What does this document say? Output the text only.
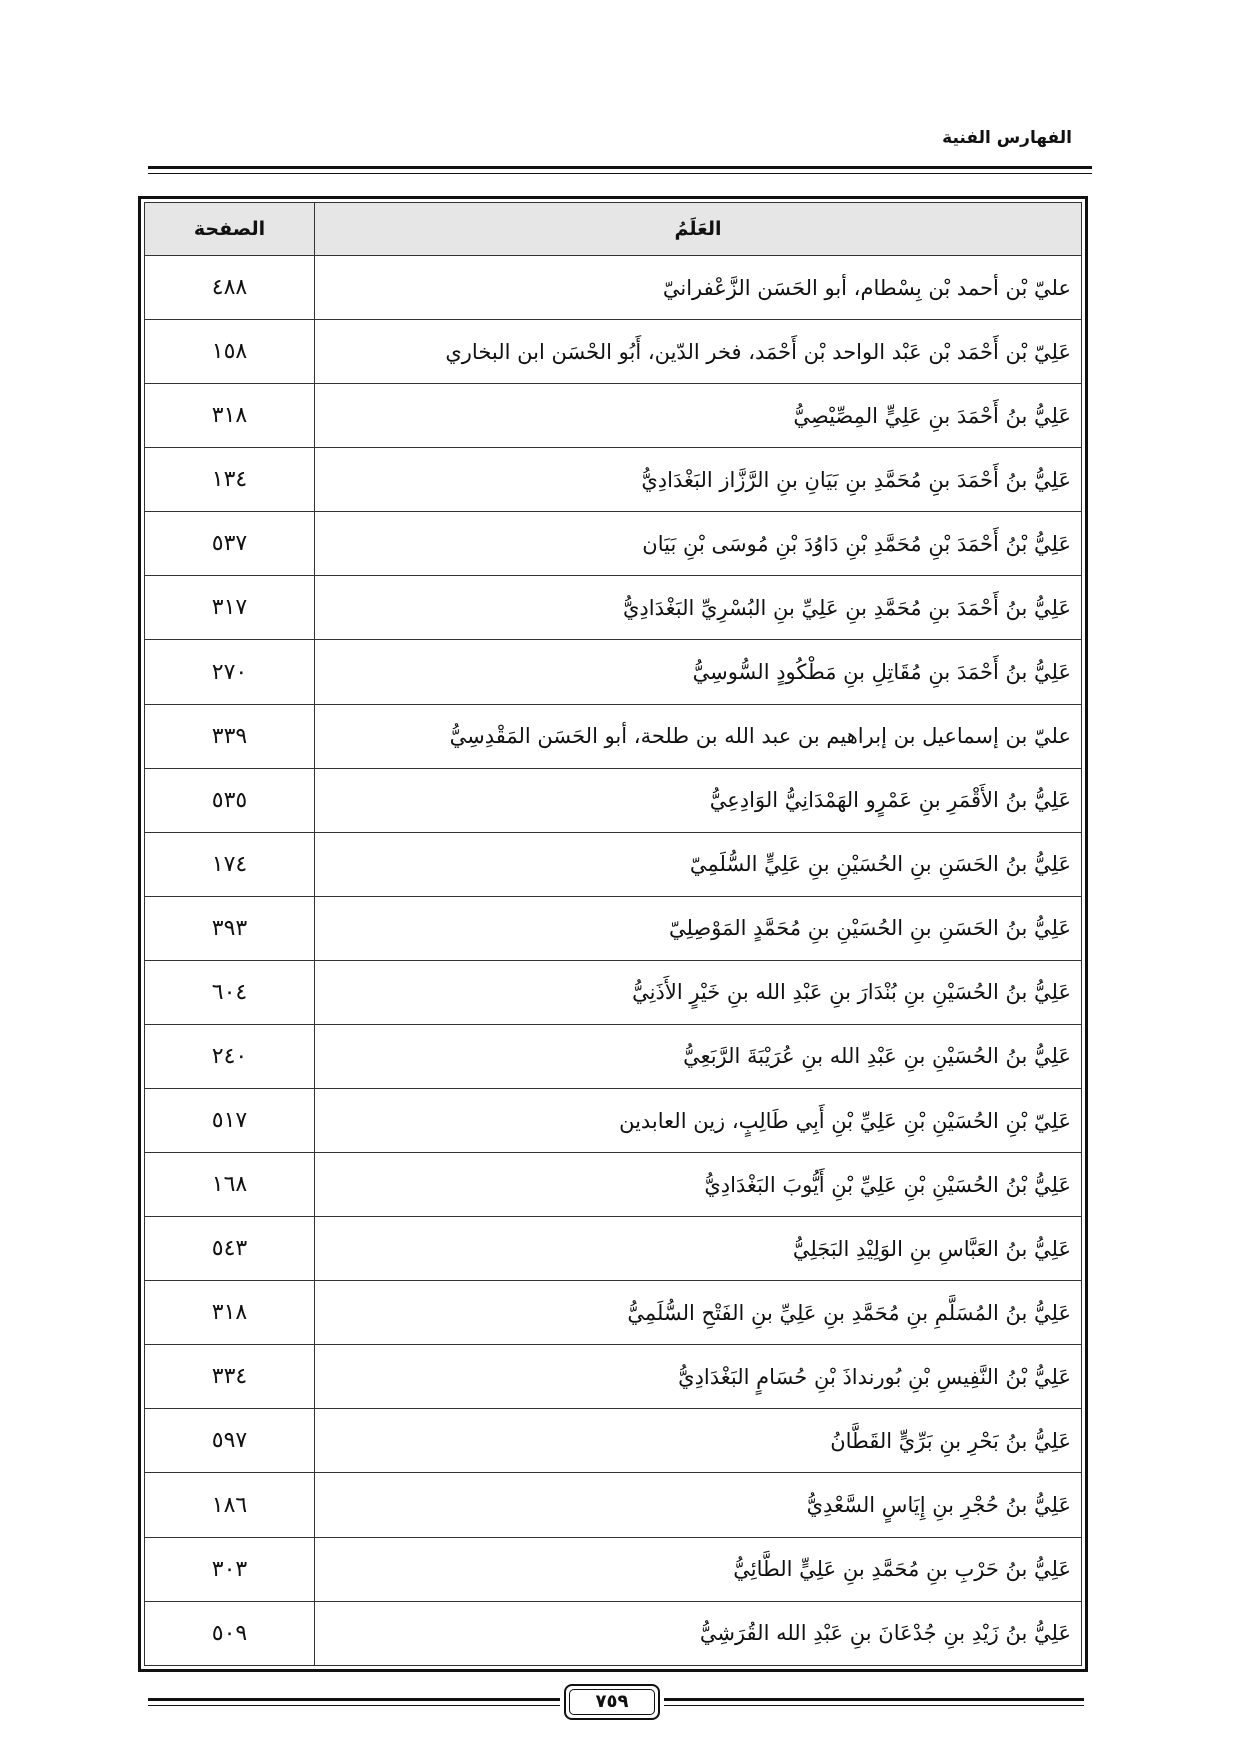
الفهارس الفنية
العَلَمُ	الصفحة
عليّ بْن أحمد بْن بِسْطام، أبو الحَسَن الزَّعْفرانيّ	٤٨٨
عَلِيّ بْن أَحْمَد بْن عَبْد الواحد بْن أَحْمَد، فخر الدّين، أَبُو الحْسَن ابن البخاري	١٥٨
عَلِيُّ بنُ أَحْمَدَ بنِ عَلِيٍّ المِصِّيْصِيُّ	٣١٨
عَلِيُّ بنُ أَحْمَدَ بنِ مُحَمَّدِ بنِ بَيَانِ بنِ الرَّزَّاز البَغْدَادِيُّ	١٣٤
عَلِيُّ بْنُ أَحْمَدَ بْنِ مُحَمَّدِ بْنِ دَاوُدَ بْنِ مُوسَى بْنِ بَيَان	٥٣٧
عَلِيُّ بنُ أَحْمَدَ بنِ مُحَمَّدِ بنِ عَلِيِّ بنِ البُسْرِيِّ البَغْدَادِيُّ	٣١٧
عَلِيُّ بنُ أَحْمَدَ بنِ مُقَاتِلِ بنِ مَطْكُودٍ السُّوسِيُّ	٢٧٠
عليّ بن إسماعيل بن إبراهيم بن عبد الله بن طلحة، أبو الحَسَن المَقْدِسِيُّ	٣٣٩
عَلِيُّ بنُ الأَقْمَرِ بنِ عَمْرٍو الهَمْدَانِيُّ الوَادِعِيُّ	٥٣٥
عَلِيُّ بنُ الحَسَنِ بنِ الحُسَيْنِ بنِ عَلِيٍّ السُّلَمِيّ	١٧٤
عَلِيُّ بنُ الحَسَنِ بنِ الحُسَيْنِ بنِ مُحَمَّدٍ المَوْصِلِيّ	٣٩٣
عَلِيُّ بنُ الحُسَيْنِ بنِ بُنْدَارَ بنِ عَبْدِ الله بنِ خَيْرٍ الأَذَنِيُّ	٦٠٤
عَلِيُّ بنُ الحُسَيْنِ بنِ عَبْدِ الله بنِ عُرَيْبَةَ الرَّبَعِيُّ	٢٤٠
عَلِيّ بْنِ الحُسَيْنِ بْنِ عَلِيِّ بْنِ أَبِي طَالِبٍ، زين العابدين	٥١٧
عَلِيُّ بْنُ الحُسَيْنِ بْنِ عَلِيِّ بْنِ أَيُّوبَ البَغْدَادِيُّ	١٦٨
عَلِيُّ بنُ العَبَّاسِ بنِ الوَلِيْدِ البَجَلِيُّ	٥٤٣
عَلِيُّ بنُ المُسَلَّمِ بنِ مُحَمَّدِ بنِ عَلِيِّ بنِ الفَتْحِ السُّلَمِيُّ	٣١٨
عَلِيُّ بْنُ النَّفِيسِ بْنِ بُورنداذَ بْنِ حُسَامٍ البَغْدَادِيُّ	٣٣٤
عَلِيُّ بنُ بَحْرِ بنِ بَرِّيٍّ القَطَّانُ	٥٩٧
عَلِيُّ بنُ حُجْرِ بنِ إِيَاسٍ السَّعْدِيُّ	١٨٦
عَلِيُّ بنُ حَرْبِ بنِ مُحَمَّدِ بنِ عَلِيٍّ الطَّائِيُّ	٣٠٣
عَلِيُّ بنُ زَيْدِ بنِ جُدْعَانَ بنِ عَبْدِ الله القُرَشِيُّ	٥٠٩
٧٥٩
